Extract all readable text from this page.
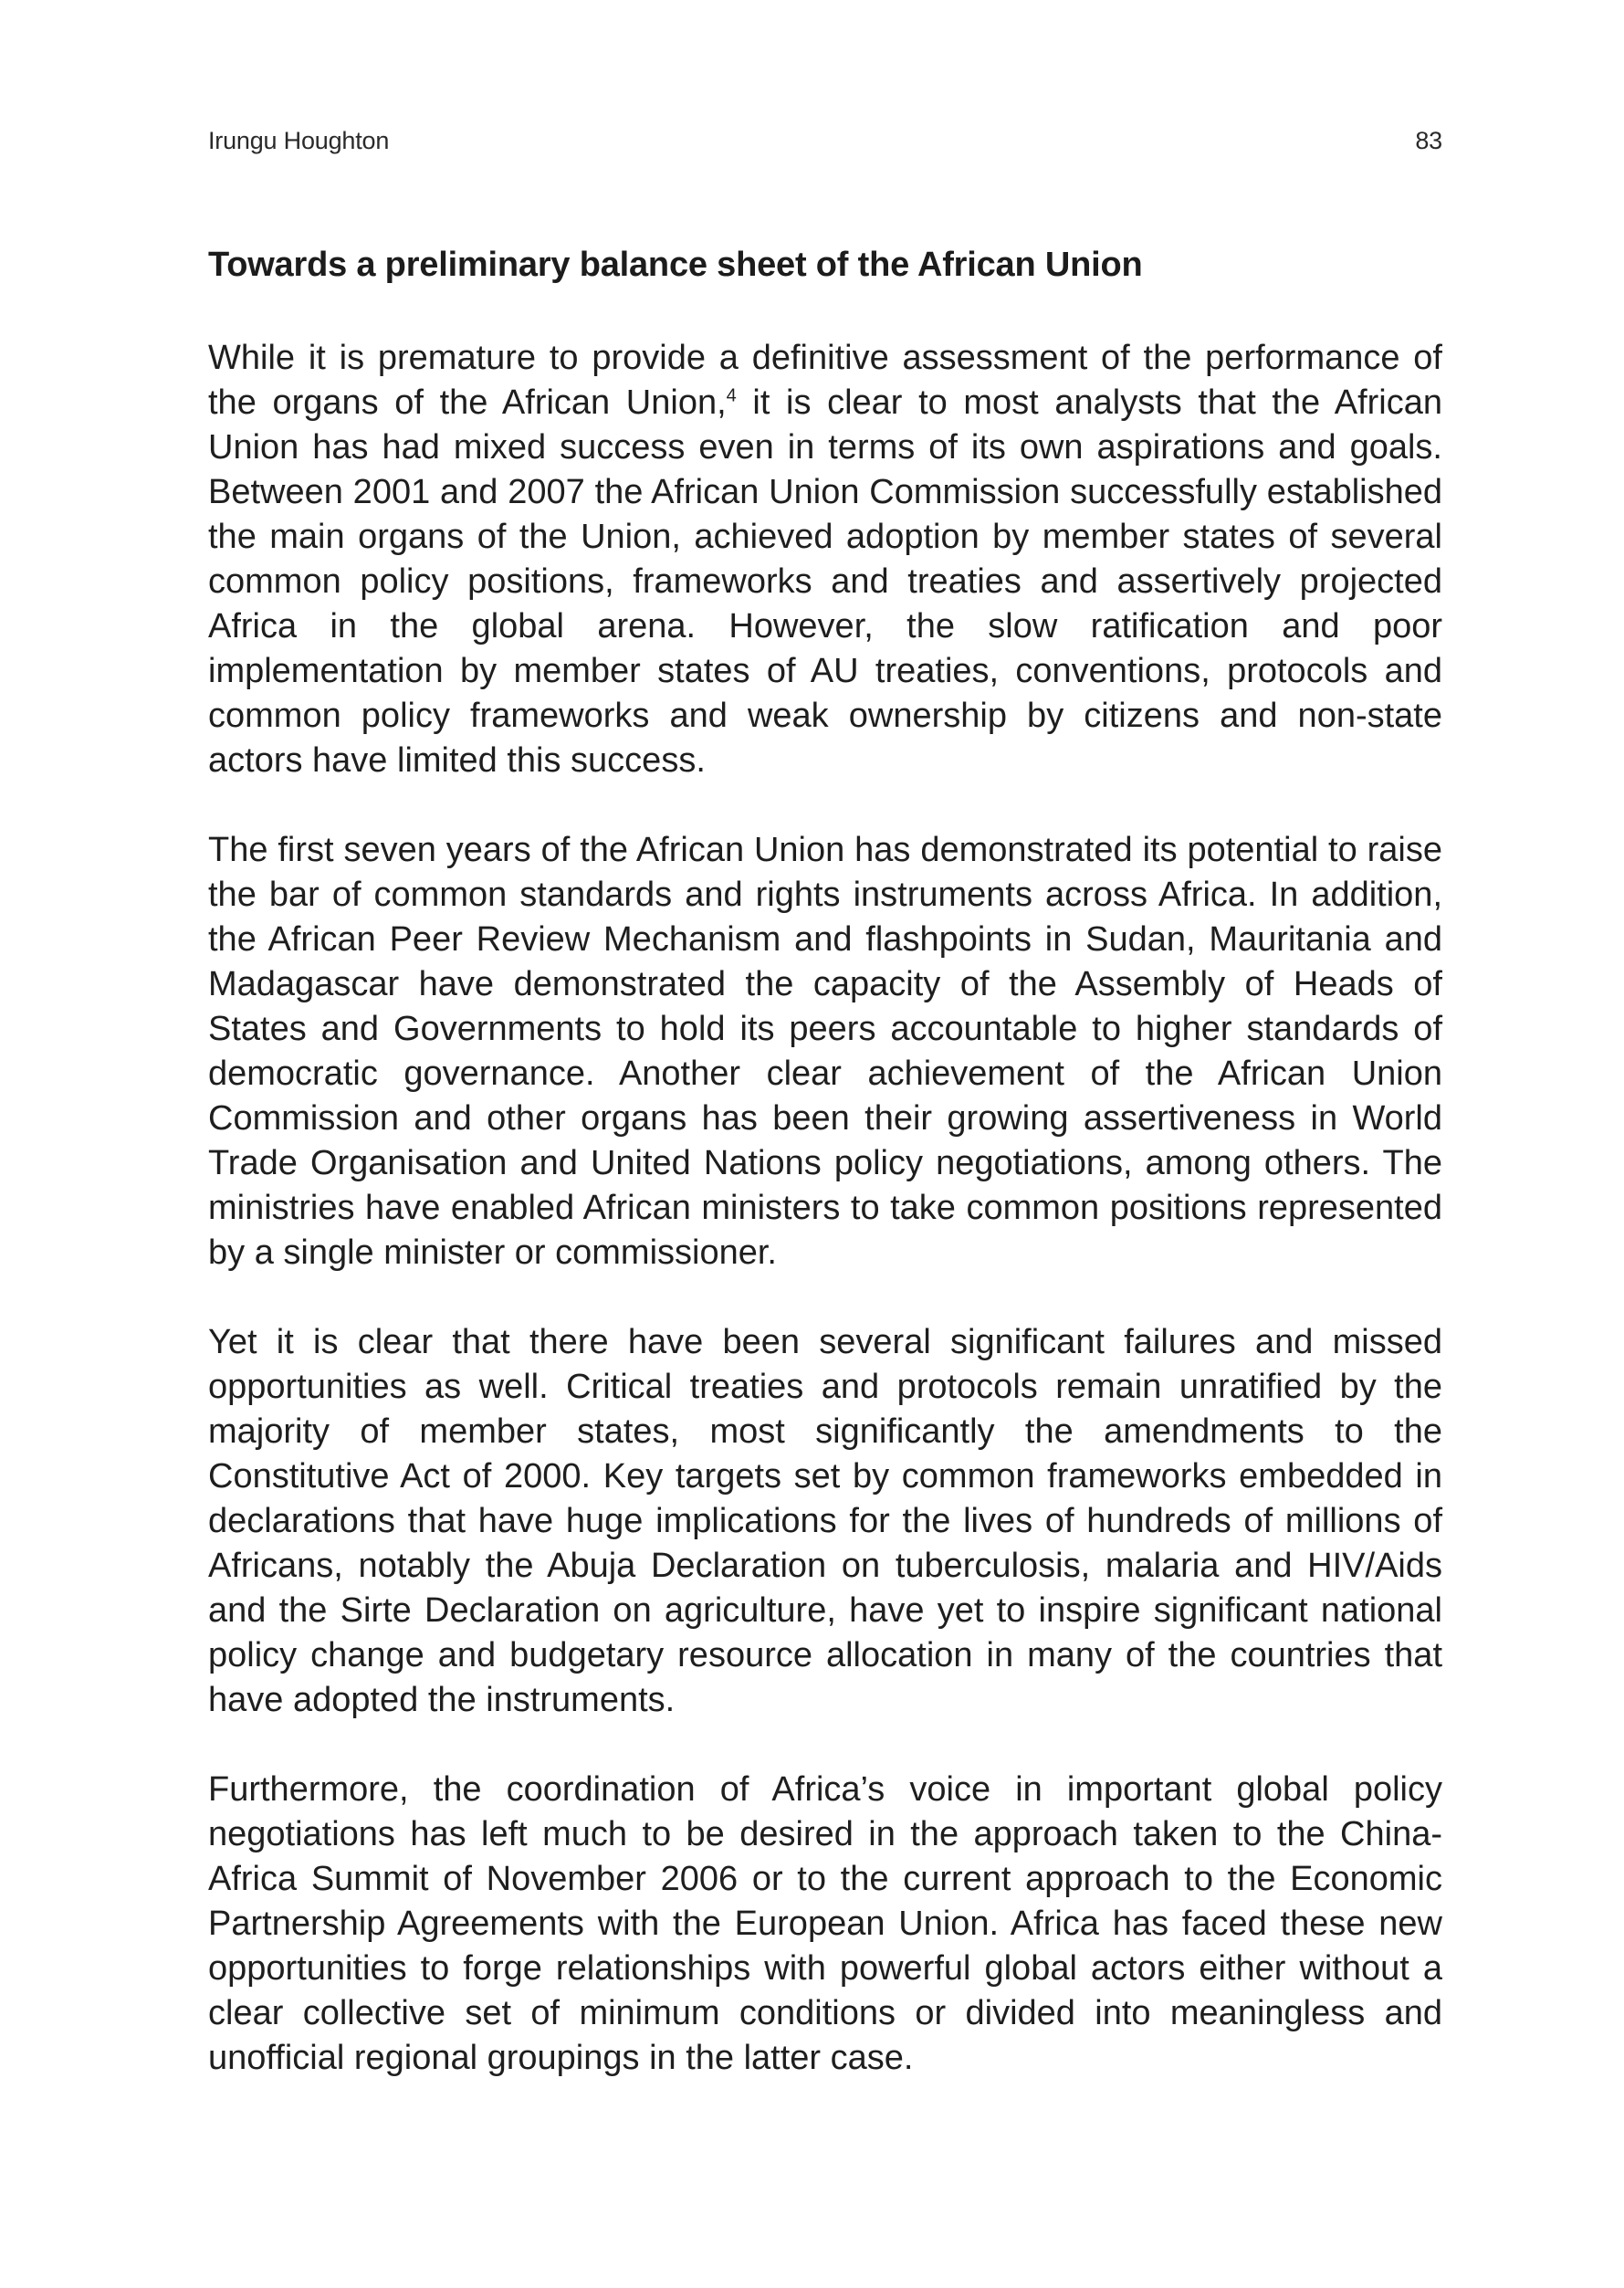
Irungu Houghton	83
Towards a preliminary balance sheet of the African Union

While it is premature to provide a definitive assessment of the performance of the organs of the African Union,$^4$ it is clear to most analysts that the African Union has had mixed success even in terms of its own aspirations and goals. Between 2001 and 2007 the African Union Commission successfully established the main organs of the Union, achieved adoption by member states of several common policy positions, frameworks and treaties and assertively projected Africa in the global arena. However, the slow ratification and poor implementation by member states of AU treaties, conventions, protocols and common policy frameworks and weak ownership by citizens and non-state actors have limited this success.

The first seven years of the African Union has demonstrated its potential to raise the bar of common standards and rights instruments across Africa. In addition, the African Peer Review Mechanism and flashpoints in Sudan, Mauritania and Madagascar have demonstrated the capacity of the Assembly of Heads of States and Governments to hold its peers accountable to higher standards of democratic governance. Another clear achievement of the African Union Commission and other organs has been their growing assertiveness in World Trade Organisation and United Nations policy negotiations, among others. The ministries have enabled African ministers to take common positions represented by a single minister or commissioner.

Yet it is clear that there have been several significant failures and missed opportunities as well. Critical treaties and protocols remain unratified by the majority of member states, most significantly the amendments to the Constitutive Act of 2000. Key targets set by common frameworks embedded in declarations that have huge implications for the lives of hundreds of millions of Africans, notably the Abuja Declaration on tuberculosis, malaria and HIV/Aids and the Sirte Declaration on agriculture, have yet to inspire significant national policy change and budgetary resource allocation in many of the countries that have adopted the instruments.

Furthermore, the coordination of Africa’s voice in important global policy negotiations has left much to be desired in the approach taken to the China-Africa Summit of November 2006 or to the current approach to the Economic Partnership Agreements with the European Union. Africa has faced these new opportunities to forge relationships with powerful global actors either without a clear collective set of minimum conditions or divided into meaningless and unofficial regional groupings in the latter case.
